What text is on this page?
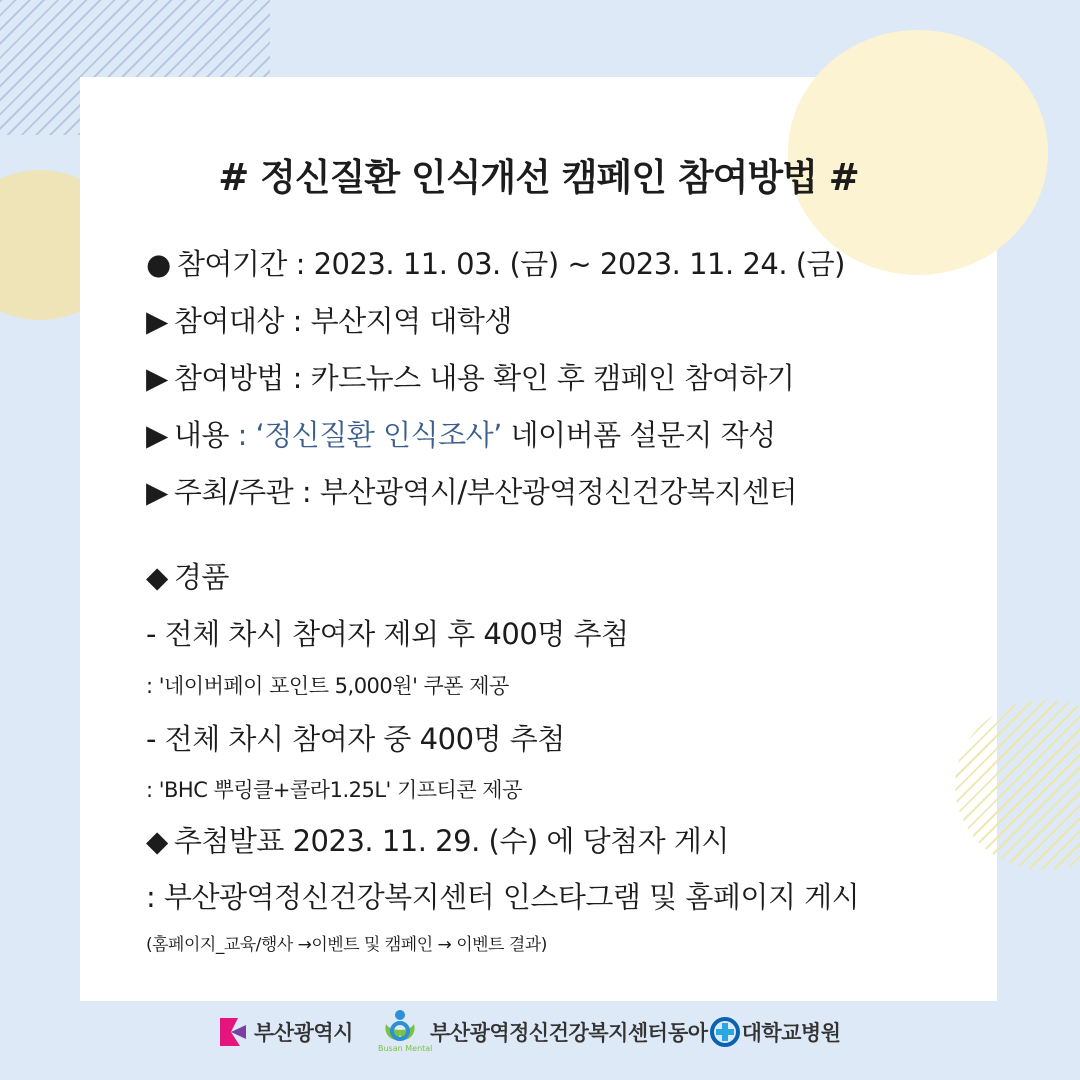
# 정신질환 인식개선 캠페인 참여방법 #
● 참여기간 : 2023. 11. 03. (금) ~ 2023. 11. 24. (금)
▶ 참여대상 : 부산지역 대학생
▶ 참여방법 : 카드뉴스 내용 확인 후 캠페인 참여하기
▶ 내용 : ‘정신질환 인식조사’ 네이버폼 설문지 작성
▶ 주최/주관 : 부산광역시/부산광역정신건강복지센터
◆ 경품
- 전체 차시 참여자 제외 후 400명 추첨
: '네이버페이 포인트 5,000원' 쿠폰 제공
- 전체 차시 참여자 중 400명 추첨
: 'BHC 뿌링클+콜라1.25L' 기프티콘 제공
◆ 추첨발표 2023. 11. 29. (수) 에 당첨자 게시
: 부산광역정신건강복지센터 인스타그램 및 홈페이지 게시
(홈페이지_교육/행사 →이벤트 및 캠페인 → 이벤트 결과)
부산광역시
Busan Mental
부산광역정신건강복지센터 동아 대학교병원
